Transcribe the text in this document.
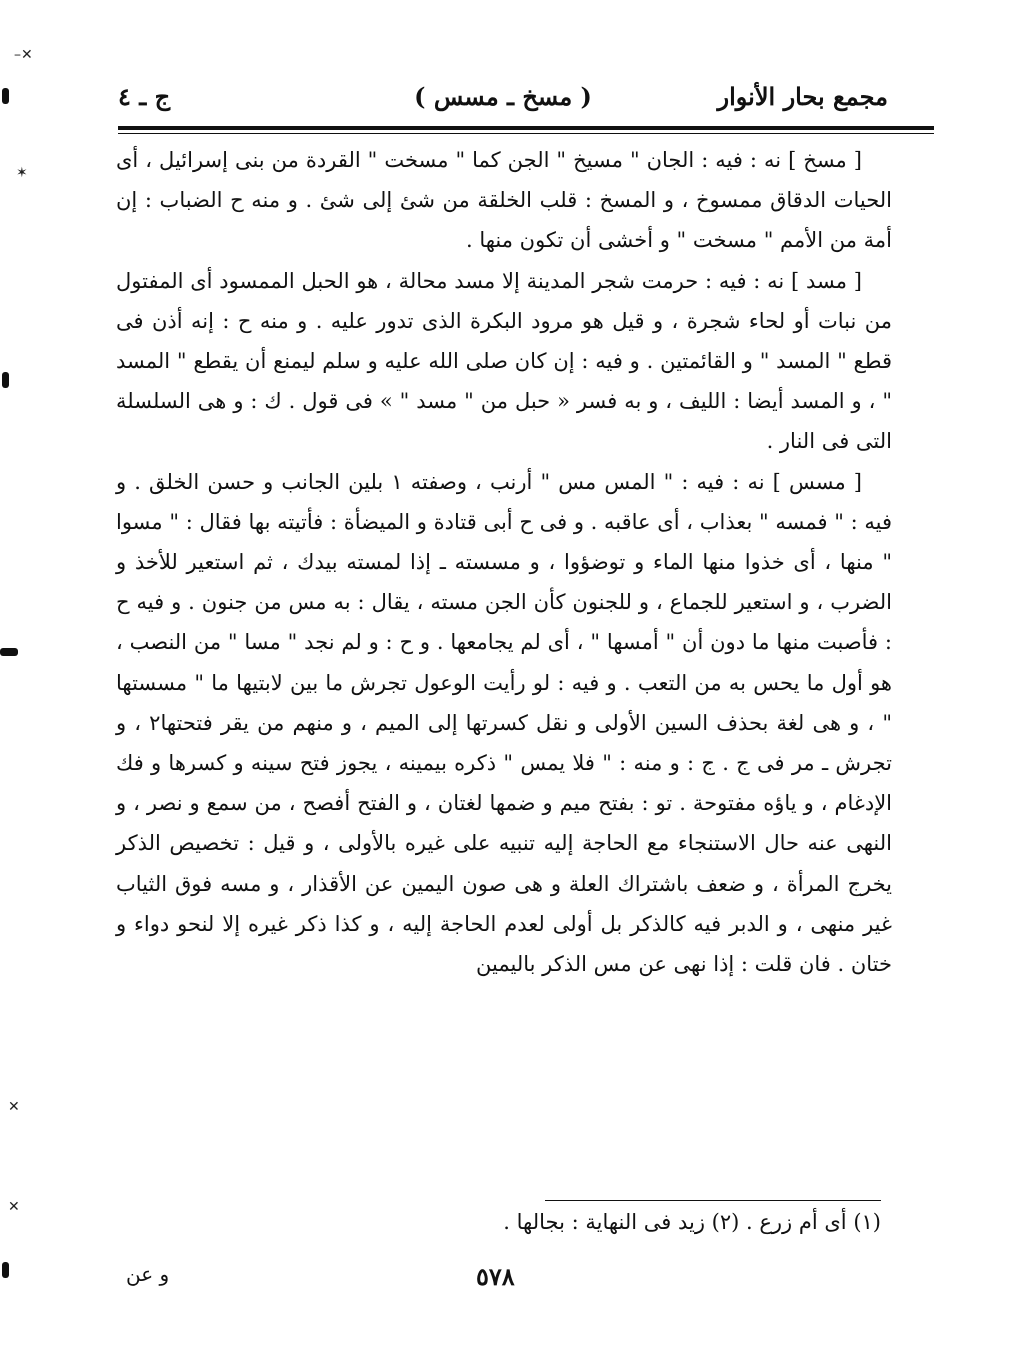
–✕
✶
✕
✕
مجمع بحار الأنوار
( مسخ ـ مسس )
ج ـ ٤

[ مسخ ] نه : فيه : الجان " مسيخ " الجن كما " مسخت " القردة من بنى إسرائيل ، أى الحيات الدقاق ممسوخ ، و المسخ : قلب الخلقة من شئ إلى شئ . و منه ح الضباب : إن أمة من الأمم " مسخت " و أخشى أن تكون منها .

[ مسد ] نه : فيه : حرمت شجر المدينة إلا مسد محالة ، هو الحبل الممسود أى المفتول من نبات أو لحاء شجرة ، و قيل هو مرود البكرة الذى تدور عليه . و منه ح : إنه أذن فى قطع " المسد " و القائمتين . و فيه : إن كان صلى الله عليه و سلم ليمنع أن يقطع " المسد " ، و المسد أيضا : الليف ، و به فسر « حبل من " مسد " » فى قول . ك : و هى السلسلة التى فى النار .

[ مسس ] نه : فيه : " المس مس " أرنب ، وصفته ١ بلين الجانب و حسن الخلق . و فيه : " فمسه " بعذاب ، أى عاقبه . و فى ح أبى قتادة و الميضأة : فأتيته بها فقال : " مسوا " منها ، أى خذوا منها الماء و توضؤوا ، و مسسته ـ إذا لمسته بيدك ، ثم استعير للأخذ و الضرب ، و استعير للجماع ، و للجنون كأن الجن مسته ، يقال : به مس من جنون . و فيه ح : فأصبت منها ما دون أن " أمسها " ، أى لم يجامعها . و ح : و لم نجد " مسا " من النصب ، هو أول ما يحس به من التعب . و فيه : لو رأيت الوعول تجرش ما بين لابتيها ما " مسستها " ، و هى لغة بحذف السين الأولى و نقل كسرتها إلى الميم ، و منهم من يقر فتحتها٢ ، و تجرش ـ مر فى ج . ج : و منه : " فلا يمس " ذكره بيمينه ، يجوز فتح سينه و كسرها و فك الإدغام ، و ياؤه مفتوحة . تو : بفتح ميم و ضمها لغتان ، و الفتح أفصح ، من سمع و نصر ، و النهى عنه حال الاستنجاء مع الحاجة إليه تنبيه على غيره بالأولى ، و قيل : تخصيص الذكر يخرج المرأة ، و ضعف باشتراك العلة و هى صون اليمين عن الأقذار ، و مسه فوق الثياب غير منهى ، و الدبر فيه كالذكر بل أولى لعدم الحاجة إليه ، و كذا ذكر غيره إلا لنحو دواء و ختان . فان قلت : إذا نهى عن مس الذكر باليمين

(١) أى أم زرع . (٢) زيد فى النهاية : بجالها .
و عن	٥٧٨
